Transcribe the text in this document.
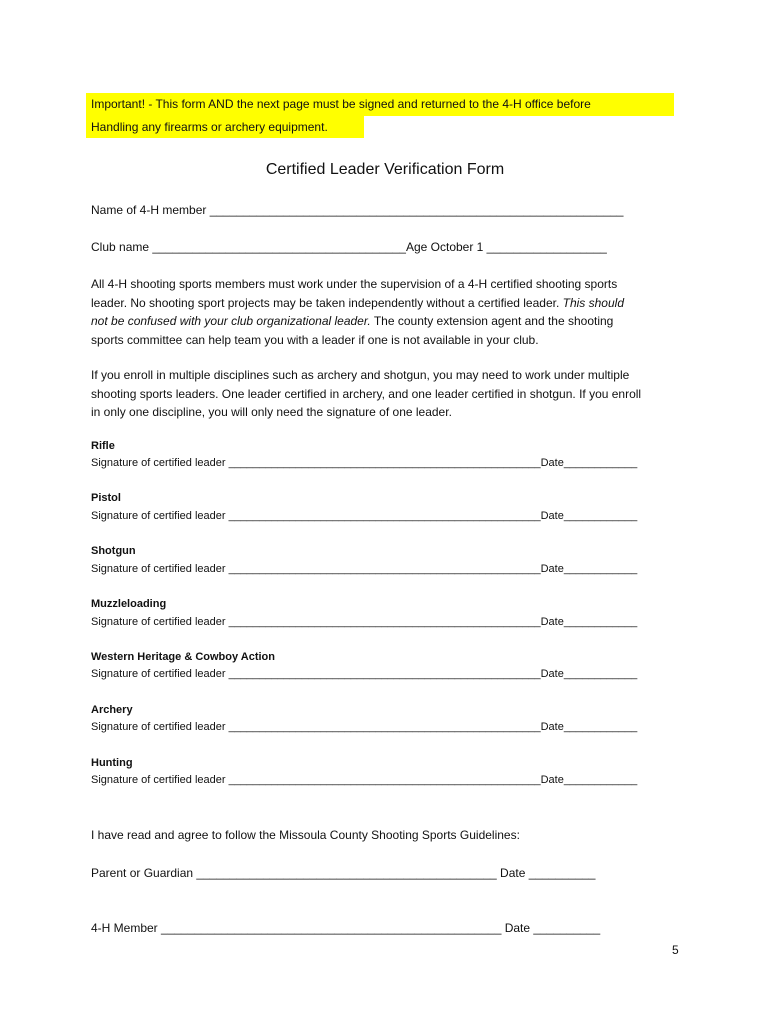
Important! - This form AND the next page must be signed and returned to the 4-H office before
Handling any firearms or archery equipment.
Certified Leader Verification Form
Name of 4-H member ______________________________________________________________
Club name ______________________________________Age October 1 __________________
All 4-H shooting sports members must work under the supervision of a 4-H certified shooting sports
leader. No shooting sport projects may be taken independently without a certified leader. This should
not be confused with your club organizational leader. The county extension agent and the shooting
sports committee can help team you with a leader if one is not available in your club.
If you enroll in multiple disciplines such as archery and shotgun, you may need to work under multiple
shooting sports leaders. One leader certified in archery, and one leader certified in shotgun. If you enroll
in only one discipline, you will only need the signature of one leader.
Rifle
Signature of certified leader ___________________________________________________Date____________
Pistol
Signature of certified leader ___________________________________________________Date____________
Shotgun
Signature of certified leader ___________________________________________________Date____________
Muzzleloading
Signature of certified leader ___________________________________________________Date____________
Western Heritage & Cowboy Action
Signature of certified leader ___________________________________________________Date____________
Archery
Signature of certified leader ___________________________________________________Date____________
Hunting
Signature of certified leader ___________________________________________________Date____________
I have read and agree to follow the Missoula County Shooting Sports Guidelines:
Parent or Guardian _____________________________________________ Date __________
4-H Member ___________________________________________________ Date __________
5
